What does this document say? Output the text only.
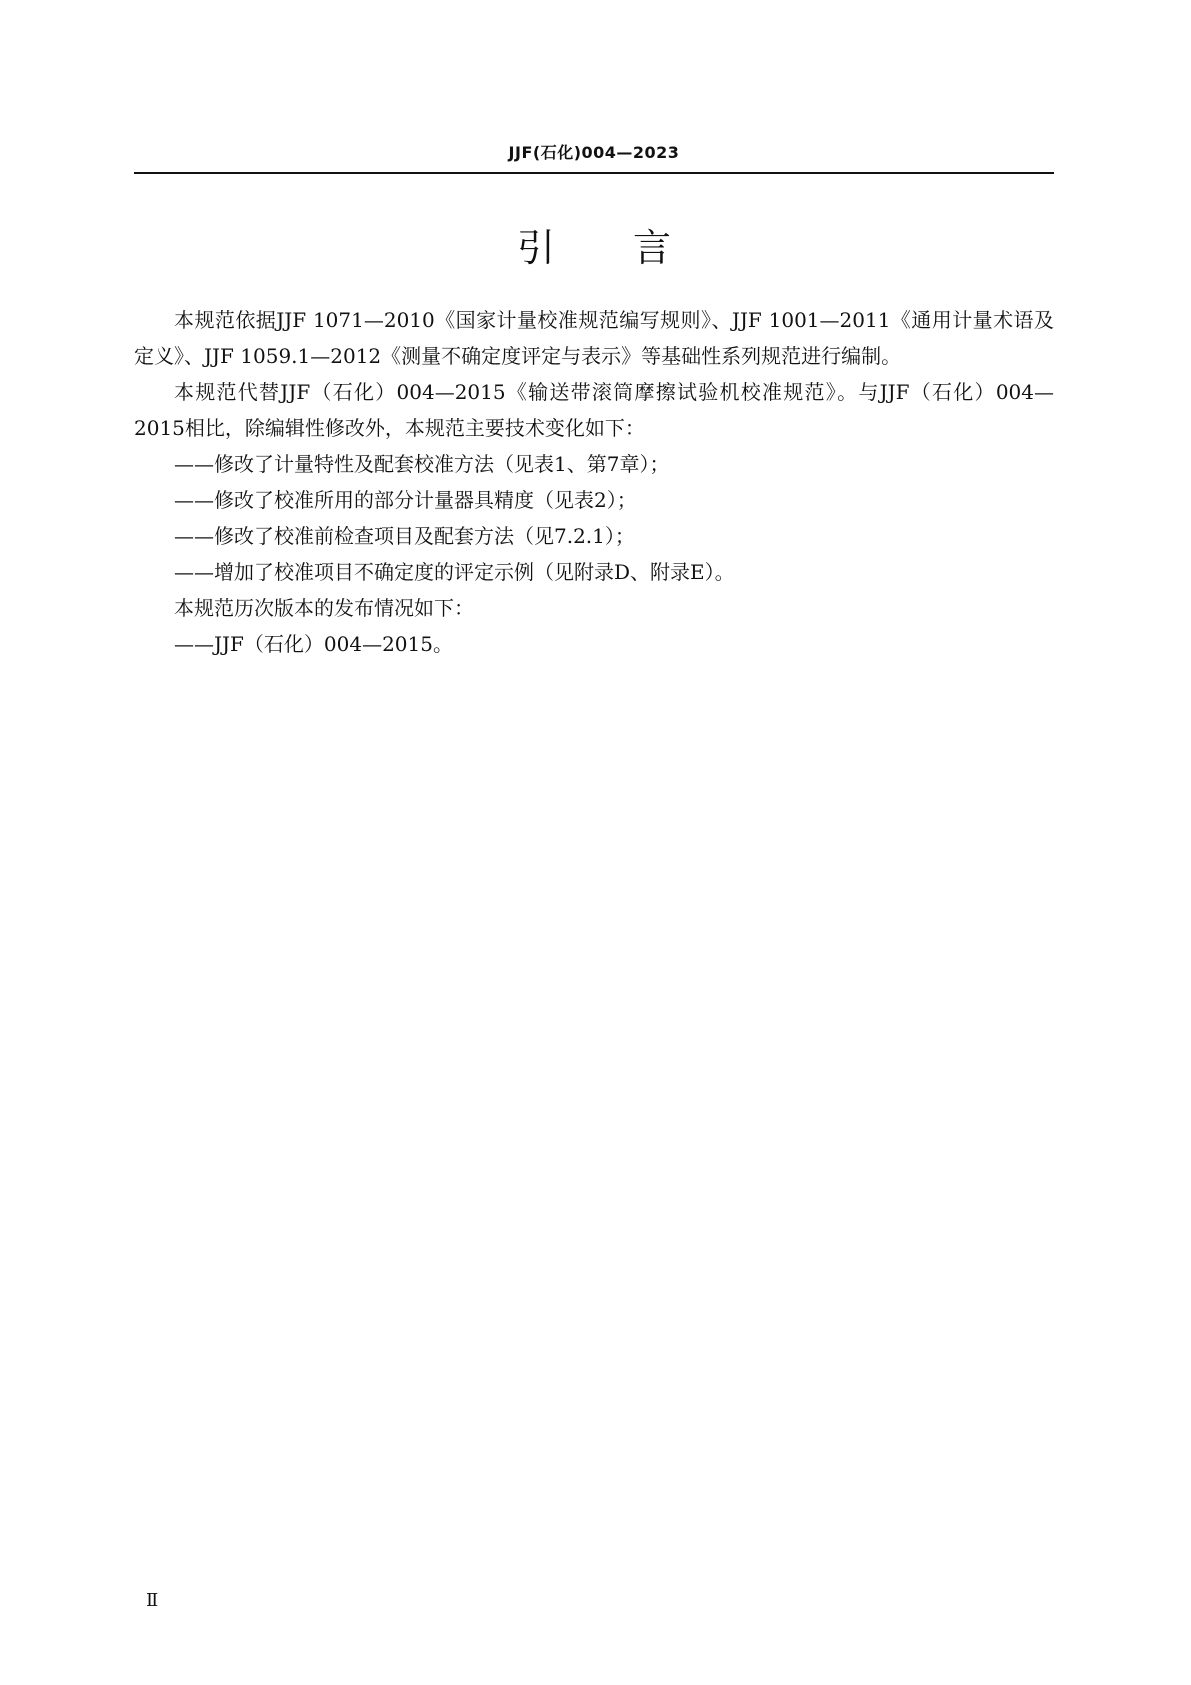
JJF(石化)004—2023
引言

本规范依据JJF 1071—2010《国家计量校准规范编写规则》、JJF 1001—2011《通用计量术语及定义》、JJF 1059.1—2012《测量不确定度评定与表示》等基础性系列规范进行编制。

本规范代替JJF（石化）004—2015《输送带滚筒摩擦试验机校准规范》。与JJF（石化）004—2015相比，除编辑性修改外，本规范主要技术变化如下：

——修改了计量特性及配套校准方法（见表1、第7章）；

——修改了校准所用的部分计量器具精度（见表2）；

——修改了校准前检查项目及配套方法（见7.2.1）；

——增加了校准项目不确定度的评定示例（见附录D、附录E）。

本规范历次版本的发布情况如下：

——JJF（石化）004—2015。

Ⅱ
